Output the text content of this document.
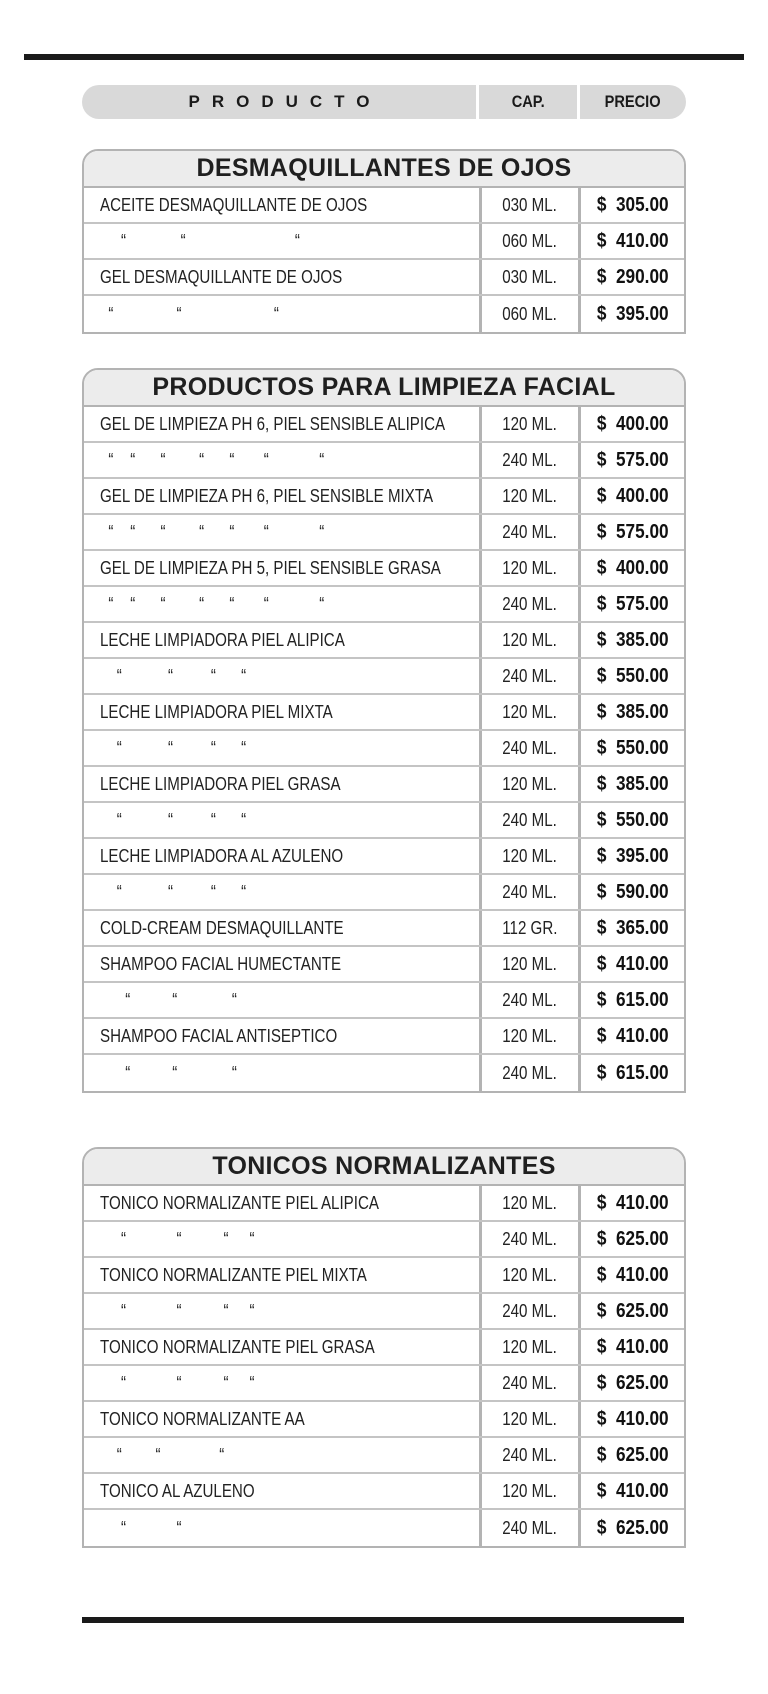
PRODUCTO	CAP.	PRECIO
DESMAQUILLANTES DE OJOS
ACEITE DESMAQUILLANTE DE OJOS	030 ML. $  305.00
“             “                          “	060 ML. $  410.00
GEL DESMAQUILLANTE DE OJOS	030 ML. $  290.00
“               “                      “	060 ML. $  395.00
PRODUCTOS PARA LIMPIEZA FACIAL
GEL DE LIMPIEZA PH 6, PIEL SENSIBLE ALIPICA	120 ML. $  400.00
“    “      “        “      “       “            “	240 ML. $  575.00
GEL DE LIMPIEZA PH 6, PIEL SENSIBLE MIXTA	120 ML. $  400.00
“    “      “        “      “       “            “	240 ML. $  575.00
GEL DE LIMPIEZA PH 5, PIEL SENSIBLE GRASA	120 ML. $  400.00
“    “      “        “      “       “            “	240 ML. $  575.00
LECHE LIMPIADORA PIEL ALIPICA	120 ML. $  385.00
“           “         “      “	240 ML. $  550.00
LECHE LIMPIADORA PIEL MIXTA	120 ML. $  385.00
“           “         “      “	240 ML. $  550.00
LECHE LIMPIADORA PIEL GRASA	120 ML. $  385.00
“           “         “      “	240 ML. $  550.00
LECHE LIMPIADORA AL AZULENO	120 ML. $  395.00
“           “         “      “	240 ML. $  590.00
COLD-CREAM DESMAQUILLANTE	112 GR. $  365.00
SHAMPOO FACIAL HUMECTANTE	120 ML. $  410.00
“          “             “	240 ML. $  615.00
SHAMPOO FACIAL ANTISEPTICO	120 ML. $  410.00
“          “             “	240 ML. $  615.00
TONICOS NORMALIZANTES
TONICO NORMALIZANTE PIEL ALIPICA	120 ML. $  410.00
“            “          “     “	240 ML. $  625.00
TONICO NORMALIZANTE PIEL MIXTA	120 ML. $  410.00
“            “          “     “	240 ML. $  625.00
TONICO NORMALIZANTE PIEL GRASA	120 ML. $  410.00
“            “          “     “	240 ML. $  625.00
TONICO NORMALIZANTE AA	120 ML. $  410.00
“        “              “	240 ML. $  625.00
TONICO AL AZULENO	120 ML. $  410.00
“            “	240 ML. $  625.00
